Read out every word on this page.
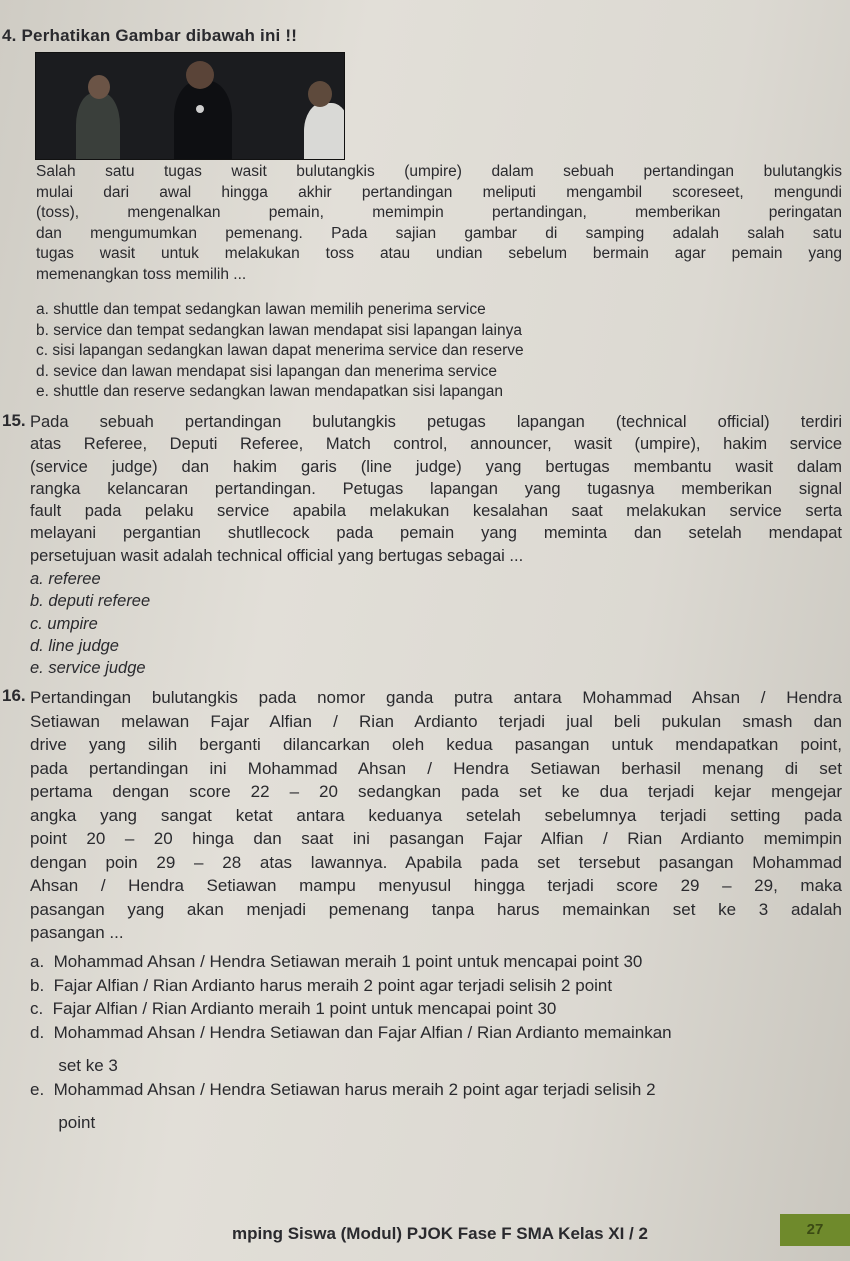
4. Perhatikan Gambar dibawah ini !!
Salah satu tugas wasit bulutangkis (umpire) dalam sebuah pertandingan bulutangkis
mulai dari awal hingga akhir pertandingan meliputi mengambil scoreseet, mengundi
(toss), mengenalkan pemain, memimpin pertandingan, memberikan peringatan
dan mengumumkan pemenang. Pada sajian gambar di samping adalah salah satu
tugas wasit untuk melakukan toss atau undian sebelum bermain agar pemain yang
memenangkan toss memilih ...
a. shuttle dan tempat sedangkan lawan memilih penerima service
b. service dan tempat sedangkan lawan mendapat sisi lapangan lainya
c. sisi lapangan sedangkan lawan dapat menerima service dan reserve
d. sevice dan lawan mendapat sisi lapangan dan menerima service
e. shuttle dan reserve sedangkan lawan mendapatkan sisi lapangan
15. Pada sebuah pertandingan bulutangkis petugas lapangan (technical official) terdiri
atas Referee, Deputi Referee, Match control, announcer, wasit (umpire), hakim service
(service judge) dan hakim garis (line judge) yang bertugas membantu wasit dalam
rangka kelancaran pertandingan. Petugas lapangan yang tugasnya memberikan signal
fault pada pelaku service apabila melakukan kesalahan saat melakukan service serta
melayani pergantian shutllecock pada pemain yang meminta dan setelah mendapat
persetujuan wasit adalah technical official yang bertugas sebagai ...
a. referee
b. deputi referee
c. umpire
d. line judge
e. service judge
16. Pertandingan bulutangkis pada nomor ganda putra antara Mohammad Ahsan / Hendra
Setiawan melawan Fajar Alfian / Rian Ardianto terjadi jual beli pukulan smash dan
drive yang silih berganti dilancarkan oleh kedua pasangan untuk mendapatkan point,
pada pertandingan ini Mohammad Ahsan / Hendra Setiawan berhasil menang di set
pertama dengan score 22 – 20 sedangkan pada set ke dua terjadi kejar mengejar
angka yang sangat ketat antara keduanya setelah sebelumnya terjadi setting pada
point 20 – 20 hinga dan saat ini pasangan Fajar Alfian / Rian Ardianto memimpin
dengan poin 29 – 28 atas lawannya. Apabila pada set tersebut pasangan Mohammad
Ahsan / Hendra Setiawan mampu menyusul hingga terjadi score 29 – 29, maka
pasangan yang akan menjadi pemenang tanpa harus memainkan set ke 3 adalah
pasangan ...
a.  Mohammad Ahsan / Hendra Setiawan meraih 1 point untuk mencapai point 30
b.  Fajar Alfian / Rian Ardianto harus meraih 2 point agar terjadi selisih 2 point
c.  Fajar Alfian / Rian Ardianto meraih 1 point untuk mencapai point 30
d.  Mohammad Ahsan / Hendra Setiawan dan Fajar Alfian / Rian Ardianto memainkan
set ke 3
e.  Mohammad Ahsan / Hendra Setiawan harus meraih 2 point agar terjadi selisih 2
point
mping Siswa (Modul) PJOK Fase F SMA Kelas XI / 2	27
